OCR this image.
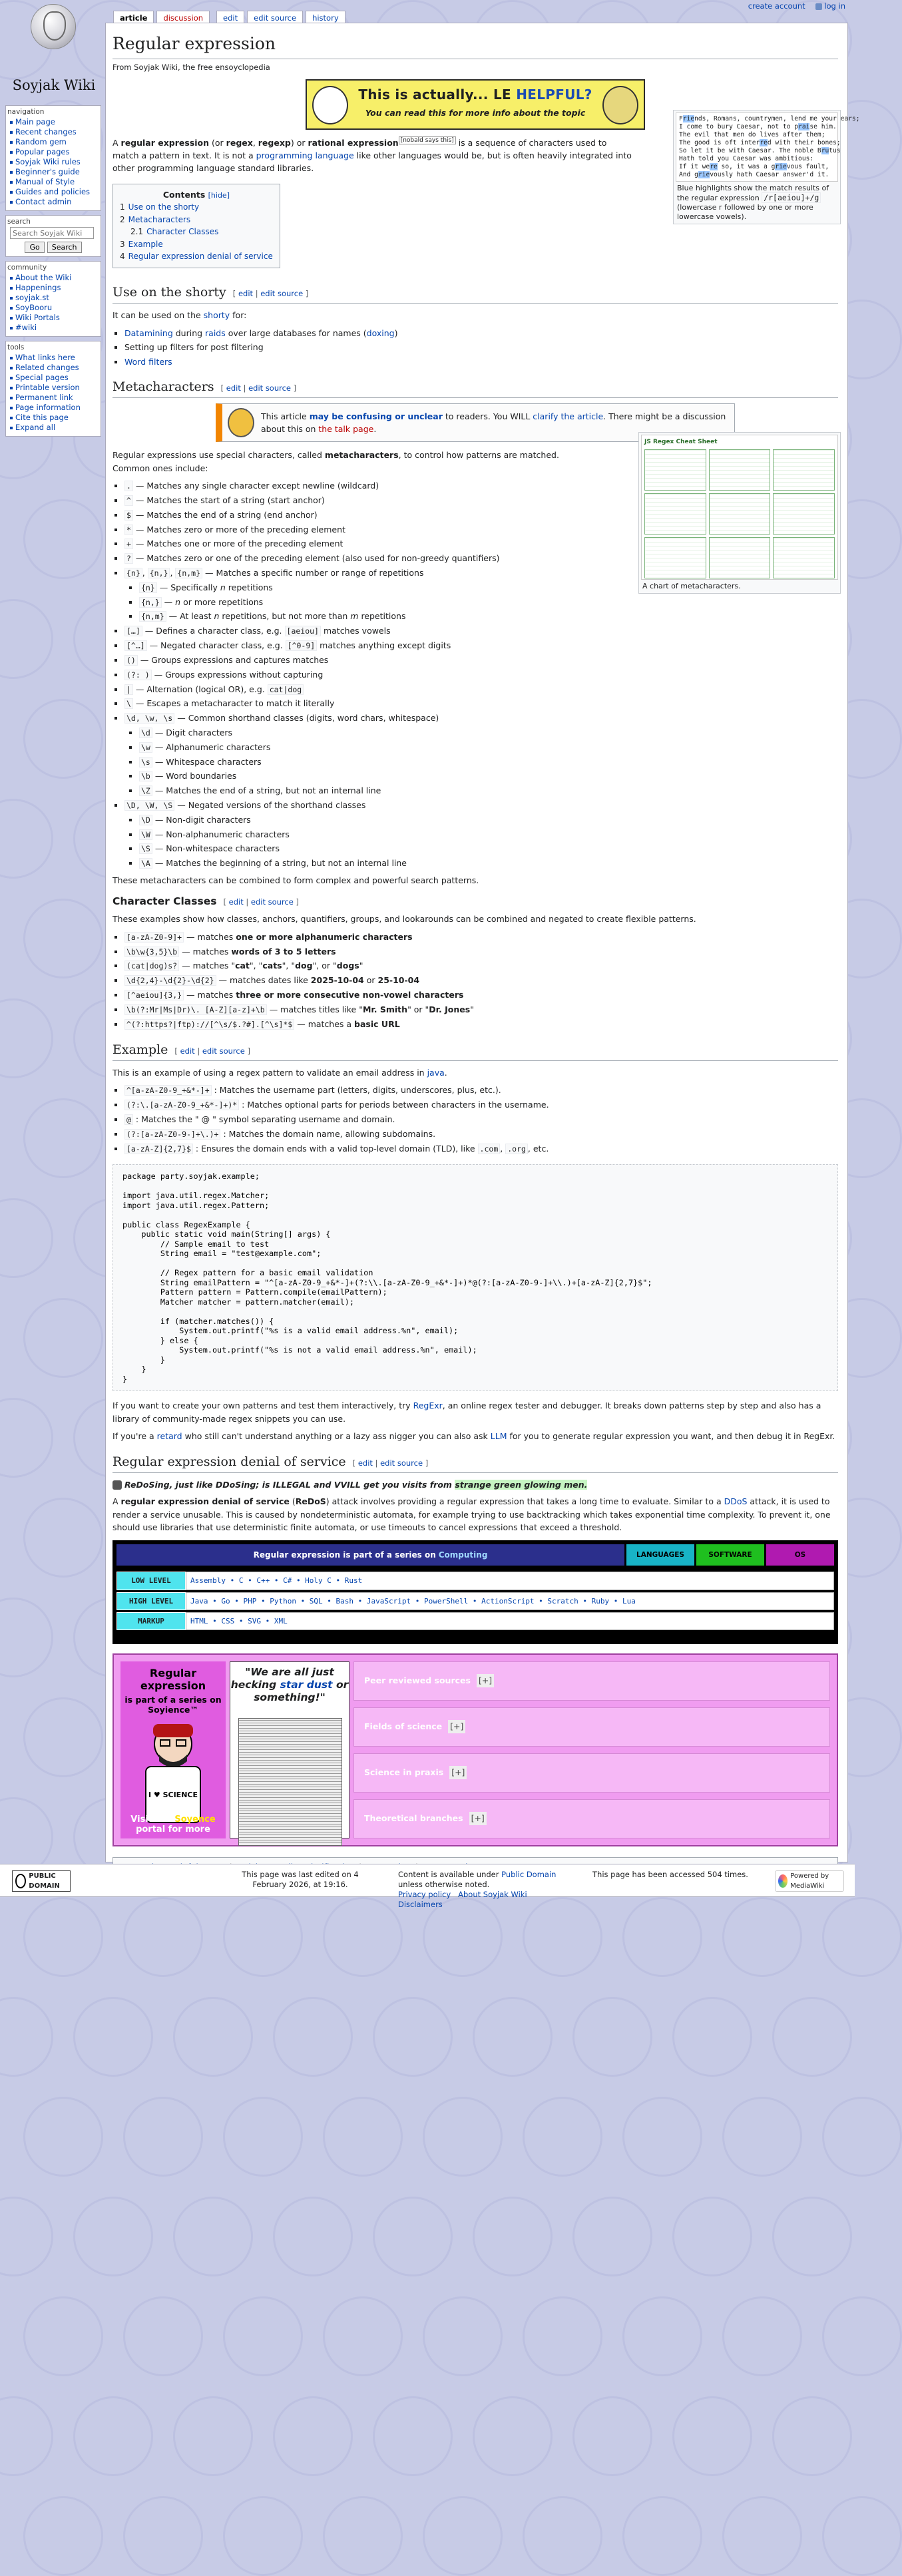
Soyjak Wiki
create account log in
article	discussion	edit	edit source	history
navigation
Main page
Recent changes
Random gem
Popular pages
Soyjak Wiki rules
Beginner's guide
Manual of Style
Guides and policies
Contact admin
search
Search Soyjak Wiki
Go	Search
community
About the Wiki
Happenings
soyjak.st
SoyBooru
Wiki Portals
#wiki
tools
What links here
Related changes
Special pages
Printable version
Permanent link
Page information
Cite this page
Expand all
Regular expression
From Soyjak Wiki, the free ensoyclopedia
This is actually... LE HELPFUL?
You can read this for more info about the topic
Friends, Romans, countrymen, lend me your ears;
I come to bury Caesar, not to praise him.
The evil that men do lives after them;
The good is oft interred with their bones;
So let it be with Caesar. The noble Brutus
Hath told you Caesar was ambitious:
If it were so, it was a grievous fault,
And grievously hath Caesar answer'd it.
Blue highlights show the match results of the regular expression /r[aeiou]+/g (lowercase r followed by one or more lowercase vowels).

A regular expression (or regex, regexp) or rational expression [nobald says this] is a sequence of characters used to match a pattern in text. It is not a programming language like other languages would be, but is often heavily integrated into other programming language standard libraries.

Contents [hide]
1 Use on the shorty
2 Metacharacters
2.1 Character Classes
3 Example
4 Regular expression denial of service
Use on the shorty [ edit | edit source ]

It can be used on the shorty for:

▪ Datamining during raids over large databases for names (doxing)
▪ Setting up filters for post filtering
▪ Word filters
Metacharacters [ edit | edit source ]
This article may be confusing or unclear to readers. You WILL clarify the article. There might be a discussion about this on the talk page.
JS Regex Cheat Sheet
A chart of metacharacters.

Regular expressions use special characters, called metacharacters, to control how patterns are matched. Common ones include:

▪ . — Matches any single character except newline (wildcard)
▪ ^ — Matches the start of a string (start anchor)
▪ $ — Matches the end of a string (end anchor)
▪ * — Matches zero or more of the preceding element
▪ + — Matches one or more of the preceding element
▪ ? — Matches zero or one of the preceding element (also used for non-greedy quantifiers)
▪ {n} , {n,} , {n,m} — Matches a specific number or range of repetitions
▪ {n} — Specifically n repetitions
▪ {n,} — n or more repetitions
▪ {n,m} — At least n repetitions, but not more than m repetitions
▪ […] — Defines a character class, e.g. [aeiou] matches vowels
▪ [^…] — Negated character class, e.g. [^0-9] matches anything except digits
▪ () — Groups expressions and captures matches
▪ (?: ) — Groups expressions without capturing
▪ | — Alternation (logical OR), e.g. cat|dog
▪ \ — Escapes a metacharacter to match it literally
▪ \d, \w, \s — Common shorthand classes (digits, word chars, whitespace)
▪ \d — Digit characters
▪ \w — Alphanumeric characters
▪ \s — Whitespace characters
▪ \b — Word boundaries
▪ \Z — Matches the end of a string, but not an internal line
▪ \D, \W, \S — Negated versions of the shorthand classes
▪ \D — Non-digit characters
▪ \W — Non-alphanumeric characters
▪ \S — Non-whitespace characters
▪ \A — Matches the beginning of a string, but not an internal line

These metacharacters can be combined to form complex and powerful search patterns.

Character Classes [ edit | edit source ]

These examples show how classes, anchors, quantifiers, groups, and lookarounds can be combined and negated to create flexible patterns.

▪ [a-zA-Z0-9]+ — matches one or more alphanumeric characters
▪ \b\w{3,5}\b — matches words of 3 to 5 letters
▪ (cat|dog)s? — matches "cat", "cats", "dog", or "dogs"
▪ \d{2,4}-\d{2}-\d{2} — matches dates like 2025-10-04 or 25-10-04
▪ [^aeiou]{3,} — matches three or more consecutive non-vowel characters
▪ \b(?:Mr|Ms|Dr)\. [A-Z][a-z]+\b — matches titles like "Mr. Smith" or "Dr. Jones"
▪ ^(?:https?|ftp)://[^\s/$.?#].[^\s]*$ — matches a basic URL
Example [ edit | edit source ]

This is an example of using a regex pattern to validate an email address in java.

▪ ^[a-zA-Z0-9_+&*-]+ : Matches the username part (letters, digits, underscores, plus, etc.).
▪ (?:\.[a-zA-Z0-9_+&*-]+)* : Matches optional parts for periods between characters in the username.
▪ @ : Matches the " @ " symbol separating username and domain.
▪ (?:[a-zA-Z0-9-]+\.)+ : Matches the domain name, allowing subdomains.
▪ [a-zA-Z]{2,7}$ : Ensures the domain ends with a valid top-level domain (TLD), like .com , .org , etc.
package party.soyjak.example;

import java.util.regex.Matcher;
import java.util.regex.Pattern;

public class RegexExample {
public static void main(String[] args) {
// Sample email to test
String email = "test@example.com";

// Regex pattern for a basic email validation
String emailPattern = "^[a-zA-Z0-9_+&*-]+(?:\\.[a-zA-Z0-9_+&*-]+)*@(?:[a-zA-Z0-9-]+\\.)+[a-zA-Z]{2,7}$";
Pattern pattern = Pattern.compile(emailPattern);
Matcher matcher = pattern.matcher(email);

if (matcher.matches()) {
System.out.printf("%s is a valid email address.%n", email);
} else {
System.out.printf("%s is not a valid email address.%n", email);
}
}
}

If you want to create your own patterns and test them interactively, try RegExr, an online regex tester and debugger. It breaks down patterns step by step and also has a library of community-made regex snippets you can use.

If you're a retard who still can't understand anything or a lazy ass nigger you can also ask LLM for you to generate regular expression you want, and then debug it in RegExr.

Regular expression denial of service [ edit | edit source ]
ReDoSing, just like DDoSing; is ILLEGAL and VVILL get you visits from strange green glowing men.

A regular expression denial of service (ReDoS) attack involves providing a regular expression that takes a long time to evaluate. Similar to a DDoS attack, it is used to render a service unusable. This is caused by nondeterministic automata, for example trying to use backtracking which takes exponential time complexity. To prevent it, one should use libraries that use deterministic finite automata, or use timeouts to cancel expressions that exceed a threshold.

Regular expression is part of a series on Computing	LANGUAGES	SOFTWARE	OS
LOW LEVEL	Assembly • C • C++ • C# • Holy C • Rust
HIGH LEVEL	Java • Go • PHP • Python • SQL • Bash • JavaScript • PowerShell • ActionScript • Scratch • Ruby • Lua
MARKUP	HTML • CSS • SVG • XML
Regular expression
is part of a series on Soyience™
I ♥ SCIENCE
Visit the Soyence portal for more
"We are all just hecking star dust or something!"
Peer reviewed sources [+]
Fields of science [+]
Science in praxis [+]
Theoretical branches [+]
PUBLIC DOMAIN
This page was last edited on 4 February 2026, at 19:16.
Content is available under Public Domain unless otherwise noted.
Privacy policy About Soyjak Wiki   Disclaimers
This page has been accessed 504 times.	Powered by MediaWiki
